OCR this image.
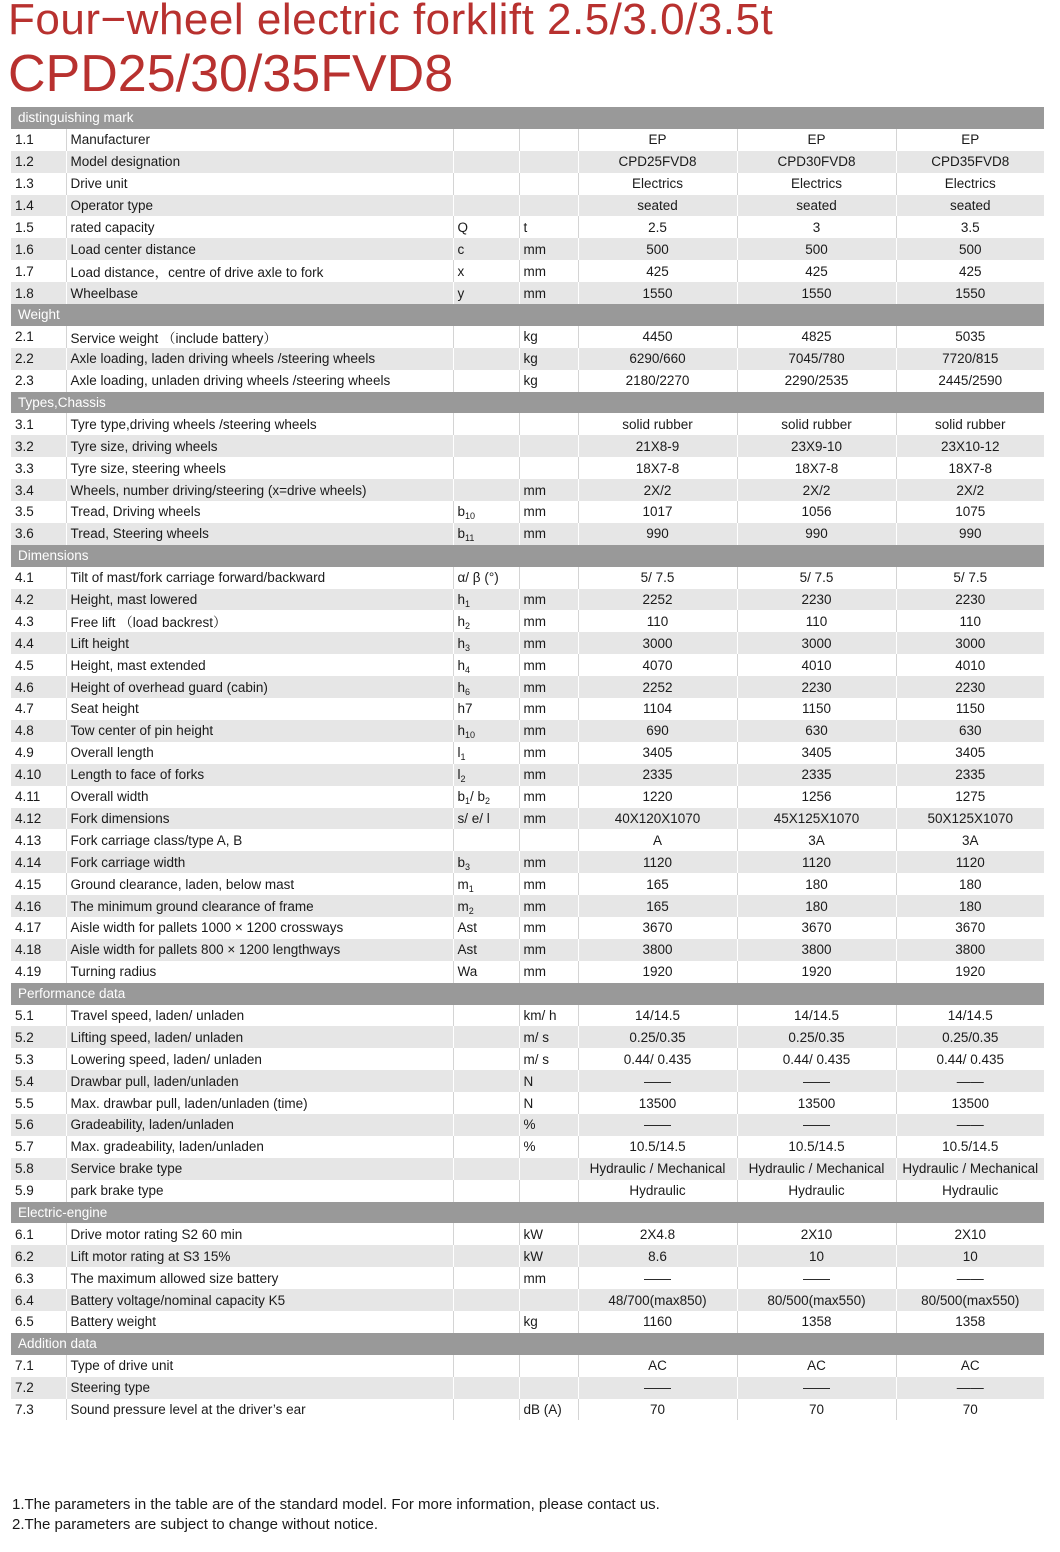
Four−wheel electric forklift 2.5/3.0/3.5t
CPD25/30/35FVD8
distinguishing mark						
1.1	Manufacturer			EP	EP	EP
1.2	Model designation			CPD25FVD8	CPD30FVD8	CPD35FVD8
1.3	Drive unit			Electrics	Electrics	Electrics
1.4	Operator type			seated	seated	seated
1.5	rated capacity	Q	t	2.5	3	3.5
1.6	Load center distance	c	mm	500	500	500
1.7	Load distance，centre of drive axle to fork	x	mm	425	425	425
1.8	Wheelbase	y	mm	1550	1550	1550
Weight						
2.1	Service weight （include battery）		kg	4450	4825	5035
2.2	Axle loading, laden driving wheels /steering wheels		kg	6290/660	7045/780	7720/815
2.3	Axle loading, unladen driving wheels /steering wheels		kg	2180/2270	2290/2535	2445/2590
Types,Chassis						
3.1	Tyre type,driving wheels /steering wheels			solid rubber	solid rubber	solid rubber
3.2	Tyre size, driving wheels			21X8-9	23X9-10	23X10-12
3.3	Tyre size, steering wheels			18X7-8	18X7-8	18X7-8
3.4	Wheels, number driving/steering (x=drive wheels)		mm	2X/2	2X/2	2X/2
3.5	Tread, Driving wheels	$b_{10}$	mm	1017	1056	1075
3.6	Tread, Steering wheels	$b_{11}$	mm	990	990	990
Dimensions						
4.1	Tilt of mast/fork carriage forward/backward	α/ β (°)		5/ 7.5	5/ 7.5	5/ 7.5
4.2	Height, mast lowered	$h_1$	mm	2252	2230	2230
4.3	Free lift （load backrest）	$h_2$	mm	110	110	110
4.4	Lift height	$h_3$	mm	3000	3000	3000
4.5	Height, mast extended	$h_4$	mm	4070	4010	4010
4.6	Height of overhead guard (cabin)	$h_6$	mm	2252	2230	2230
4.7	Seat height	h7	mm	1104	1150	1150
4.8	Tow center of pin height	$h_{10}$	mm	690	630	630
4.9	Overall length	$l_1$	mm	3405	3405	3405
4.10	Length to face of forks	$l_2$	mm	2335	2335	2335
4.11	Overall width	$b_1/$ $b_2$	mm	1220	1256	1275
4.12	Fork dimensions	s/ e/ l	mm	40X120X1070	45X125X1070	50X125X1070
4.13	Fork carriage class/type A, B			A	3A	3A
4.14	Fork carriage width	$b_3$	mm	1120	1120	1120
4.15	Ground clearance, laden, below mast	$m_1$	mm	165	180	180
4.16	The minimum ground clearance of frame	$m_2$	mm	165	180	180
4.17	Aisle width for pallets 1000 × 1200 crossways	Ast	mm	3670	3670	3670
4.18	Aisle width for pallets 800 × 1200 lengthways	Ast	mm	3800	3800	3800
4.19	Turning radius	Wa	mm	1920	1920	1920
Performance data						
5.1	Travel speed, laden/ unladen		km/ h	14/14.5	14/14.5	14/14.5
5.2	Lifting speed, laden/ unladen		m/ s	0.25/0.35	0.25/0.35	0.25/0.35
5.3	Lowering speed, laden/ unladen		m/ s	0.44/ 0.435	0.44/ 0.435	0.44/ 0.435
5.4	Drawbar pull, laden/unladen		N	——	——	——
5.5	Max. drawbar pull, laden/unladen (time)		N	13500	13500	13500
5.6	Gradeability, laden/unladen		%	——	——	——
5.7	Max. gradeability, laden/unladen		%	10.5/14.5	10.5/14.5	10.5/14.5
5.8	Service brake type			Hydraulic / Mechanical	Hydraulic / Mechanical	Hydraulic / Mechanical
5.9	park brake type			Hydraulic	Hydraulic	Hydraulic
Electric-engine						
6.1	Drive motor rating S2 60 min		kW	2X4.8	2X10	2X10
6.2	Lift motor rating at S3 15%		kW	8.6	10	10
6.3	The maximum allowed size battery		mm	——	——	——
6.4	Battery voltage/nominal capacity K5			48/700(max850)	80/500(max550)	80/500(max550)
6.5	Battery weight		kg	1160	1358	1358
Addition data						
7.1	Type of drive unit			AC	AC	AC
7.2	Steering type			——	——	——
7.3	Sound pressure level at the driver’s ear		dB (A)	70	70	70
1.The parameters in the table are of the standard model. For more information, please contact us.
2.The parameters are subject to change without notice.
